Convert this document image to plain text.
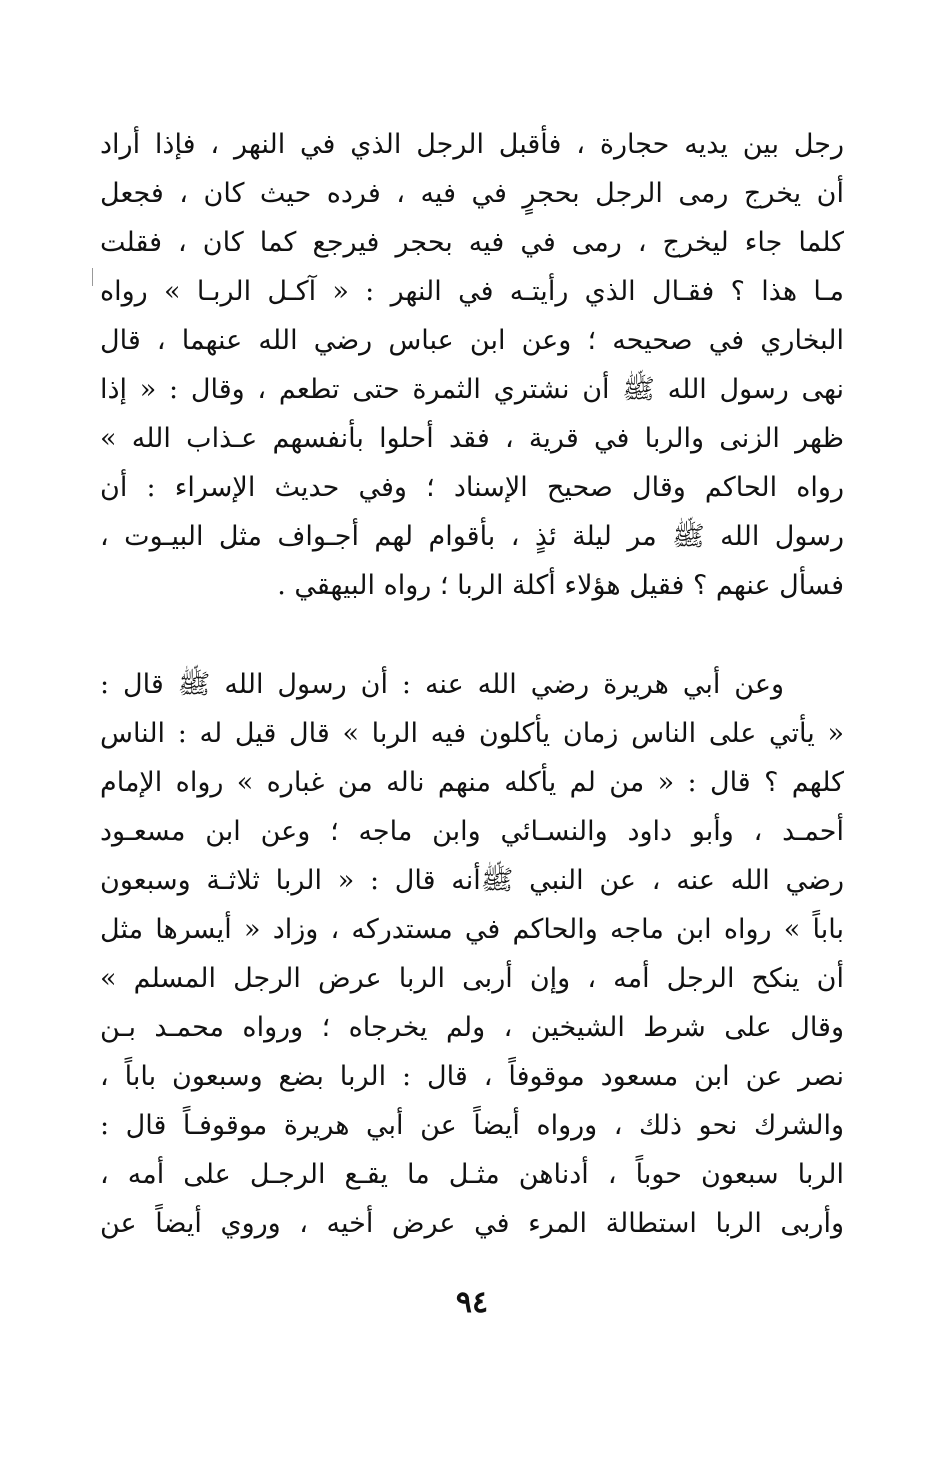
رجل بين يديه حجارة ، فأقبل الرجل الذي في النهر ، فإذا أراد
أن يخرج رمى الرجل بحجرٍ في فيه ، فرده حيث كان ، فجعل
كلما جاء ليخرج ، رمى في فيه بحجر فيرجع كما كان ، فقلت
مـا هذا ؟ فقـال الذي رأيتـه في النهر : « آكـل الربـا » رواه
البخاري في صحيحه ؛ وعن ابن عباس رضي الله عنهما ، قال
نهى رسول الله ﷺ أن نشتري الثمرة حتى تطعم ، وقال : « إذا
ظهر الزنى والربا في قرية ، فقد أحلوا بأنفسهم عـذاب الله »
رواه الحاكم وقال صحيح الإسناد ؛ وفي حديث الإسراء : أن
رسول الله ﷺ مر ليلة ئذٍ ، بأقوام لهم أجـواف مثل البيـوت ،
فسأل عنهم ؟ فقيل هؤلاء أكلة الربا ؛ رواه البيهقي .
وعن أبي هريرة رضي الله عنه : أن رسول الله ﷺ قال :
« يأتي على الناس زمان يأكلون فيه الربا » قال قيل له : الناس
كلهم ؟ قال : « من لم يأكله منهم ناله من غباره » رواه الإمام
أحمـد ، وأبو داود والنسـائي وابن ماجه ؛ وعن ابن مسعـود
رضي الله عنه ، عن النبي ﷺأنه قال : « الربا ثلاثـة وسبعون
باباً » رواه ابن ماجه والحاكم في مستدركه ، وزاد « أيسرها مثل
أن ينكح الرجل أمه ، وإن أربى الربا عرض الرجل المسلم »
وقال على شرط الشيخين ، ولم يخرجاه ؛ ورواه محمـد بـن
نصر عن ابن مسعود موقوفاً ، قال : الربا بضع وسبعون باباً ،
والشرك نحو ذلك ، ورواه أيضاً عن أبي هريرة موقوفـاً قال :
الربا سبعون حوباً ، أدناهن مثـل ما يقـع الرجـل على أمه ،
وأربى الربا استطالة المرء في عرض أخيه ، وروي أيضاً عن
٩٤
